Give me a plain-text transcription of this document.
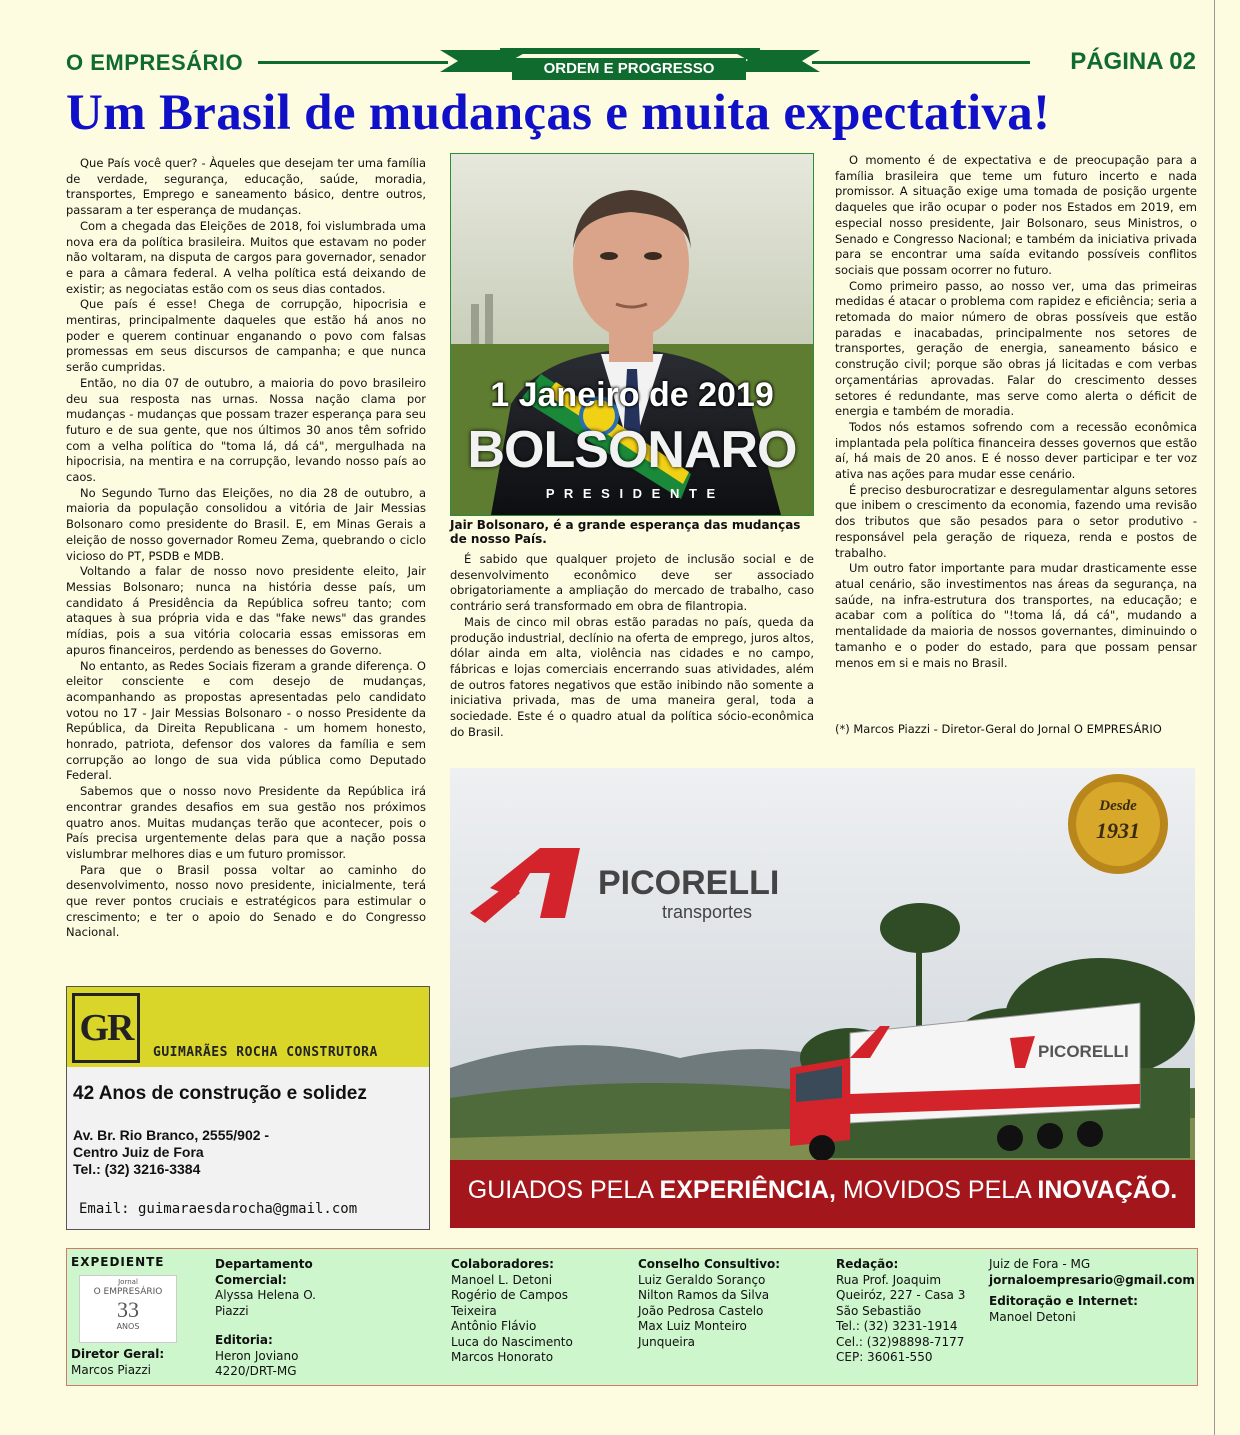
O EMPRESÁRIO	ORDEM E PROGRESSO	PÁGINA 02
Um Brasil de mudanças e muita expectativa!

Que País você quer? - Àqueles que desejam ter uma família de verdade, segurança, educação, saúde, moradia, transportes, Emprego e saneamento básico, dentre outros, passaram a ter esperança de mudanças.

Com a chegada das Eleições de 2018, foi vislumbrada uma nova era da política brasileira. Muitos que estavam no poder não voltaram, na disputa de cargos para governador, senador e para a câmara federal. A velha política está deixando de existir; as negociatas estão com os seus dias contados.

Que país é esse! Chega de corrupção, hipocrisia e mentiras, principalmente daqueles que estão há anos no poder e querem continuar enganando o povo com falsas promessas em seus discursos de campanha; e que nunca serão cumpridas.

Então, no dia 07 de outubro, a maioria do povo brasileiro deu sua resposta nas urnas. Nossa nação clama por mudanças - mudanças que possam trazer esperança para seu futuro e de sua gente, que nos últimos 30 anos têm sofrido com a velha política do "toma lá, dá cá", mergulhada na hipocrisia, na mentira e na corrupção, levando nosso país ao caos.

No Segundo Turno das Eleições, no dia 28 de outubro, a maioria da população consolidou a vitória de Jair Messias Bolsonaro como presidente do Brasil. E, em Minas Gerais a eleição de nosso governador Romeu Zema, quebrando o ciclo vicioso do PT, PSDB e MDB.

Voltando a falar de nosso novo presidente eleito, Jair Messias Bolsonaro; nunca na história desse país, um candidato á Presidência da República sofreu tanto; com ataques à sua própria vida e das "fake news" das grandes mídias, pois a sua vitória colocaria essas emissoras em apuros financeiros, perdendo as benesses do Governo.

No entanto, as Redes Sociais fizeram a grande diferença. O eleitor consciente e com desejo de mudanças, acompanhando as propostas apresentadas pelo candidato votou no 17 - Jair Messias Bolsonaro - o nosso Presidente da República, da Direita Republicana - um homem honesto, honrado, patriota, defensor dos valores da família e sem corrupção ao longo de sua vida pública como Deputado Federal.

Sabemos que o nosso novo Presidente da República irá encontrar grandes desafios em sua gestão nos próximos quatro anos. Muitas mudanças terão que acontecer, pois o País precisa urgentemente delas para que a nação possa vislumbrar melhores dias e um futuro promissor.

Para que o Brasil possa voltar ao caminho do desenvolvimento, nosso novo presidente, inicialmente, terá que rever pontos cruciais e estratégicos para estimular o crescimento; e ter o apoio do Senado e do Congresso Nacional.

1 Janeiro de 2019
BOLSONARO
P R E S I D E N T E
Jair Bolsonaro, é a grande esperança das mudanças de nosso País.

É sabido que qualquer projeto de inclusão social e de desenvolvimento econômico deve ser associado obrigatoriamente a ampliação do mercado de trabalho, caso contrário será transformado em obra de filantropia.

Mais de cinco mil obras estão paradas no país, queda da produção industrial, declínio na oferta de emprego, juros altos, dólar ainda em alta, violência nas cidades e no campo, fábricas e lojas comerciais encerrando suas atividades, além de outros fatores negativos que estão inibindo não somente a iniciativa privada, mas de uma maneira geral, toda a sociedade. Este é o quadro atual da política sócio-econômica do Brasil.

O momento é de expectativa e de preocupação para a família brasileira que teme um futuro incerto e nada promissor. A situação exige uma tomada de posição urgente daqueles que irão ocupar o poder nos Estados em 2019, em especial nosso presidente, Jair Bolsonaro, seus Ministros, o Senado e Congresso Nacional; e também da iniciativa privada para se encontrar uma saída evitando possíveis conflitos sociais que possam ocorrer no futuro.

Como primeiro passo, ao nosso ver, uma das primeiras medidas é atacar o problema com rapidez e eficiência; seria a retomada do maior número de obras possíveis que estão paradas e inacabadas, principalmente nos setores de transportes, geração de energia, saneamento básico e construção civil; porque são obras já licitadas e com verbas orçamentárias aprovadas. Falar do crescimento desses setores é redundante, mas serve como alerta o déficit de energia e também de moradia.

Todos nós estamos sofrendo com a recessão econômica implantada pela política financeira desses governos que estão aí, há mais de 20 anos. E é nosso dever participar e ter voz ativa nas ações para mudar esse cenário.

É preciso desburocratizar e desregulamentar alguns setores que inibem o crescimento da economia, fazendo uma revisão dos tributos que são pesados para o setor produtivo - responsável pela geração de riqueza, renda e postos de trabalho.

Um outro fator importante para mudar drasticamente esse atual cenário, são investimentos nas áreas da segurança, na saúde, na infra-estrutura dos transportes, na educação; e acabar com a política do "!toma lá, dá cá", mudando a mentalidade da maioria de nossos governantes, diminuindo o tamanho e o poder do estado, para que possam pensar menos em si e mais no Brasil.

(*) Marcos Piazzi - Diretor-Geral do Jornal O EMPRESÁRIO
GR
GUIMARÃES ROCHA CONSTRUTORA
42 Anos de construção e solidez
Av. Br. Rio Branco, 2555/902 -
Centro Juiz de Fora
Tel.: (32) 3216-3384
Email: guimaraesdarocha@gmail.com
PICORELLI
transportes
Desde
1931
PICORELLI
GUIADOS PELA EXPERIÊNCIA, MOVIDOS PELA INOVAÇÃO.
EXPEDIENTE
Jornal
O EMPRESÁRIO
33
ANOS
Diretor Geral:
Marcos Piazzi
Departamento Comercial:
Alyssa Helena O. Piazzi
Editoria:
Heron Joviano
4220/DRT-MG
Colaboradores:
Manoel L. Detoni
Rogério de Campos
Teixeira
Antônio Flávio
Luca do Nascimento
Marcos Honorato
Conselho Consultivo:
Luiz Geraldo Soranço
Nilton Ramos da Silva
João Pedrosa Castelo
Max Luiz Monteiro
Junqueira
Redação:
Rua Prof. Joaquim
Queiróz, 227 - Casa 3
São Sebastião
Tel.: (32) 3231-1914
Cel.: (32)98898-7177
CEP: 36061-550
Juiz de Fora - MG
jornaloempresario@gmail.com
Editoração e Internet:
Manoel Detoni
